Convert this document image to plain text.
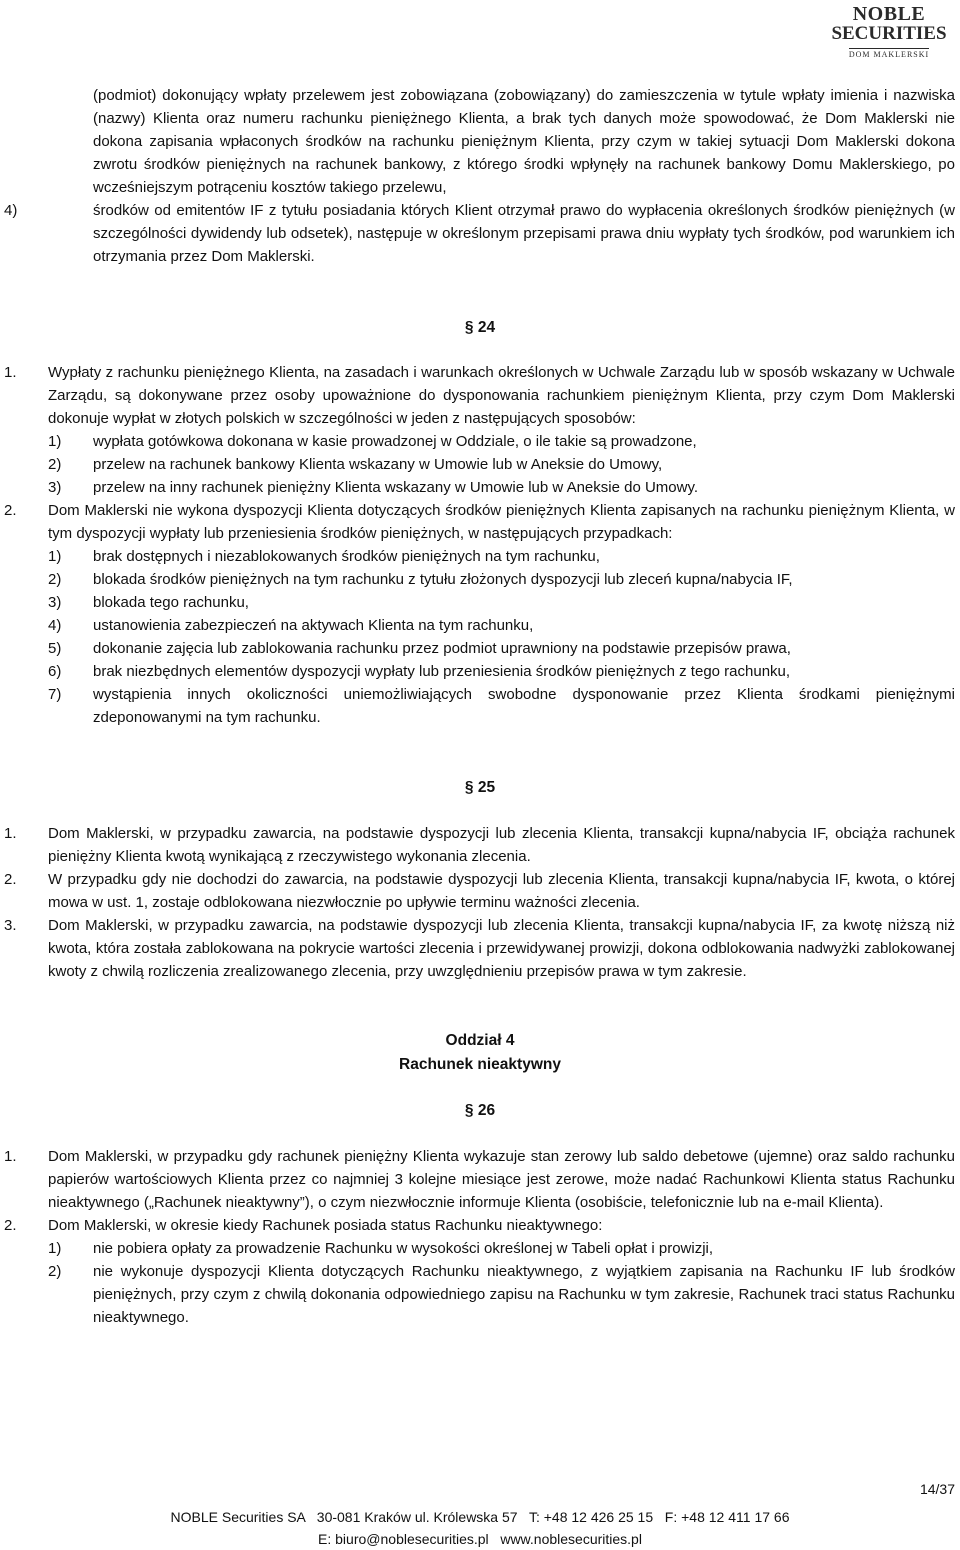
NOBLE
SECURITIES
DOM MAKLERSKI
(podmiot) dokonujący wpłaty przelewem jest zobowiązana (zobowiązany) do zamieszczenia w tytule wpłaty imienia i nazwiska (nazwy) Klienta oraz numeru rachunku pieniężnego Klienta, a brak tych danych może spowodować, że Dom Maklerski nie dokona zapisania wpłaconych środków na rachunku pieniężnym Klienta, przy czym w takiej sytuacji Dom Maklerski dokona zwrotu środków pieniężnych na rachunek bankowy, z którego środki wpłynęły na rachunek bankowy Domu Maklerskiego, po wcześniejszym potrąceniu kosztów takiego przelewu,
4)	środków od emitentów IF z tytułu posiadania których Klient otrzymał prawo do wypłacenia określonych środków pieniężnych (w szczególności dywidendy lub odsetek), następuje w określonym przepisami prawa dniu wypłaty tych środków, pod warunkiem ich otrzymania przez Dom Maklerski.
§ 24
1.	Wypłaty z rachunku pieniężnego Klienta, na zasadach i warunkach określonych w Uchwale Zarządu lub w sposób wskazany w Uchwale Zarządu, są dokonywane przez osoby upoważnione do dysponowania rachunkiem pieniężnym Klienta, przy czym Dom Maklerski dokonuje wypłat w złotych polskich w szczególności w jeden z następujących sposobów:
1)	wypłata gotówkowa dokonana w kasie prowadzonej w Oddziale, o ile takie są prowadzone,
2)	przelew na rachunek bankowy Klienta wskazany w Umowie lub w Aneksie do Umowy,
3)	przelew na inny rachunek pieniężny Klienta wskazany w Umowie lub w Aneksie do Umowy.
2.	Dom Maklerski nie wykona dyspozycji Klienta dotyczących środków pieniężnych Klienta zapisanych na rachunku pieniężnym Klienta, w tym dyspozycji wypłaty lub przeniesienia środków pieniężnych, w następujących przypadkach:
1)	brak dostępnych i niezablokowanych środków pieniężnych na tym rachunku,
2)	blokada środków pieniężnych na tym rachunku z tytułu złożonych dyspozycji lub zleceń kupna/nabycia IF,
3)	blokada tego rachunku,
4)	ustanowienia zabezpieczeń na aktywach Klienta na tym rachunku,
5)	dokonanie zajęcia lub zablokowania rachunku przez podmiot uprawniony na podstawie przepisów prawa,
6)	brak niezbędnych elementów dyspozycji wypłaty lub przeniesienia środków pieniężnych z tego rachunku,
7)	wystąpienia innych okoliczności uniemożliwiających swobodne dysponowanie przez Klienta środkami pieniężnymi zdeponowanymi na tym rachunku.
§ 25
1.	Dom Maklerski, w przypadku zawarcia, na podstawie dyspozycji lub zlecenia Klienta, transakcji kupna/nabycia IF, obciąża rachunek pieniężny Klienta kwotą wynikającą z rzeczywistego wykonania zlecenia.
2.	W przypadku gdy nie dochodzi do zawarcia, na podstawie dyspozycji lub zlecenia Klienta, transakcji kupna/nabycia IF, kwota, o której mowa w ust. 1, zostaje odblokowana niezwłocznie po upływie terminu ważności zlecenia.
3.	Dom Maklerski, w przypadku zawarcia, na podstawie dyspozycji lub zlecenia Klienta, transakcji kupna/nabycia IF, za kwotę niższą niż kwota, która została zablokowana na pokrycie wartości zlecenia i przewidywanej prowizji, dokona odblokowania nadwyżki zablokowanej kwoty z chwilą rozliczenia zrealizowanego zlecenia, przy uwzględnieniu przepisów prawa w tym zakresie.
Oddział 4
Rachunek nieaktywny
§ 26
1.	Dom Maklerski, w przypadku gdy rachunek pieniężny Klienta wykazuje stan zerowy lub saldo debetowe (ujemne) oraz saldo rachunku papierów wartościowych Klienta przez co najmniej 3 kolejne miesiące jest zerowe, może nadać Rachunkowi Klienta status Rachunku nieaktywnego („Rachunek nieaktywny”), o czym niezwłocznie informuje Klienta (osobiście, telefonicznie lub na e-mail Klienta).
2.	Dom Maklerski, w okresie kiedy Rachunek posiada status Rachunku nieaktywnego:
1)	nie pobiera opłaty za prowadzenie Rachunku w wysokości określonej w Tabeli opłat i prowizji,
2)	nie wykonuje dyspozycji Klienta dotyczących Rachunku nieaktywnego, z wyjątkiem zapisania na Rachunku IF lub środków pieniężnych, przy czym z chwilą dokonania odpowiedniego zapisu na Rachunku w tym zakresie, Rachunek traci status Rachunku nieaktywnego.
14/37
NOBLE Securities SA   30-081 Kraków ul. Królewska 57   T: +48 12 426 25 15   F: +48 12 411 17 66
E: biuro@noblesecurities.pl   www.noblesecurities.pl
